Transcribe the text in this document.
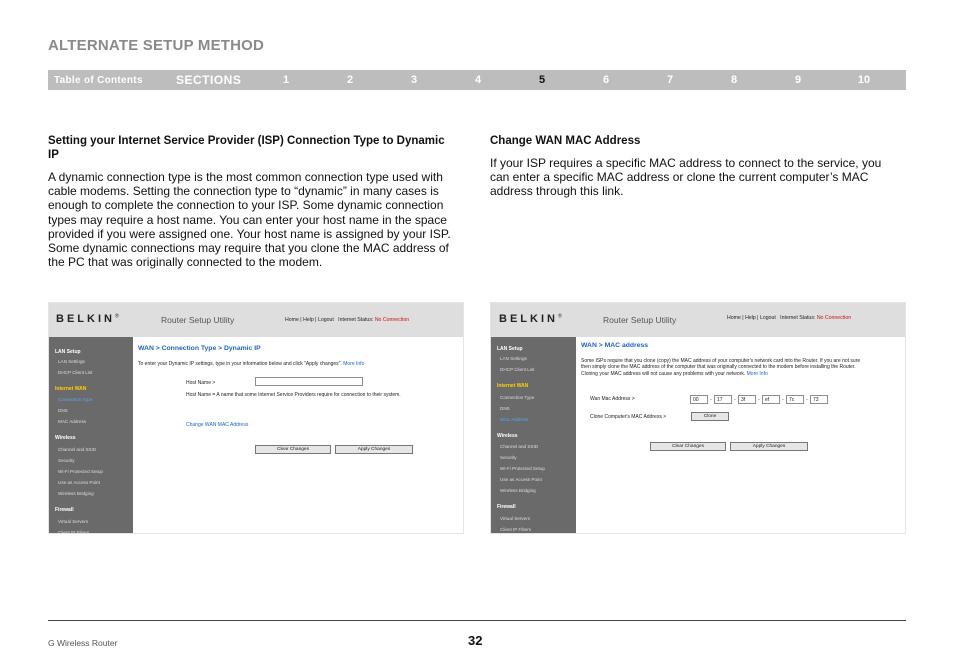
ALTERNATE SETUP METHOD
Table of Contents	SECTIONS	1	2	3	4	5	6	7	8	9	10
Setting your Internet Service Provider (ISP) Connection Type to Dynamic IP
A dynamic connection type is the most common connection type used with cable modems. Setting the connection type to “dynamic” in many cases is enough to complete the connection to your ISP. Some dynamic connection types may require a host name. You can enter your host name in the space provided if you were assigned one. Your host name is assigned by your ISP. Some dynamic connections may require that you clone the MAC address of the PC that was originally connected to the modem.
Change WAN MAC Address
If your ISP requires a specific MAC address to connect to the service, you can enter a specific MAC address or clone the current computer’s MAC address through this link.
BELKIN®	Router Setup Utility	Home | Help | Logout Internet Status: No Connection
LAN Setup
LAN Settings
DHCP Client List
Internet WAN
Connection Type
DNS
MAC Address
Wireless
Channel and SSID
Security
Wi-Fi Protected Setup
Use as Access Point
Wireless Bridging
Firewall
Virtual Servers
Client IP Filters
WAN > Connection Type > Dynamic IP
To enter your Dynamic IP settings, type in your information below and click "Apply changes". More Info
Host Name >
Host Name = A name that some Internet Service Providers require for connection to their system.
Change WAN MAC Address
Clear Changes	Apply Changes
BELKIN®	Router Setup Utility	Home | Help | Logout Internet Status: No Connection
LAN Setup
LAN Settings
DHCP Client List
Internet WAN
Connection Type
DNS
MAC Address
Wireless
Channel and SSID
Security
Wi-Fi Protected Setup
Use as Access Point
Wireless Bridging
Firewall
Virtual Servers
Client IP Filters
WAN > MAC address
Some ISPs require that you clone (copy) the MAC address of your computer's network card into the Router. If you are not sure then simply clone the MAC address of the computer that was originally connected to the modem before installing the Router. Cloning your MAC address will not cause any problems with your network. More Info
Wan Mac Address >	00	-	17	-	3f	-	ef	-	7c	-	73
Clone Computer's MAC Address >	Clone
Clear Changes	Apply Changes
G Wireless Router	32
